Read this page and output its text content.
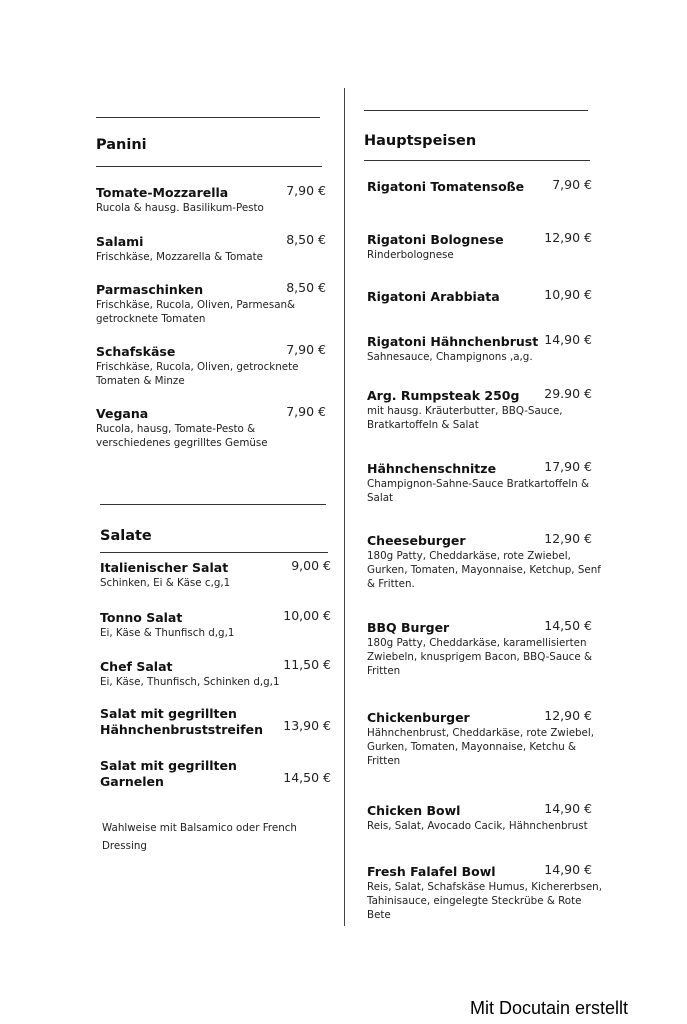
Panini
Tomate-Mozzarella
Rucola & hausg. Basilikum-Pesto
7,90 €
Salami
Frischkäse, Mozzarella & Tomate
8,50 €
Parmaschinken
Frischkäse, Rucola, Oliven, Parmesan& getrocknete Tomaten
8,50 €
Schafskäse
Frischkäse, Rucola, Oliven, getrocknete Tomaten & Minze
7,90 €
Vegana
Rucola, hausg, Tomate-Pesto & verschiedenes gegrilltes Gemüse
7,90 €
Salate
Italienischer Salat
Schinken, Ei & Käse c,g,1
9,00 €
Tonno Salat
Ei, Käse & Thunfisch d,g,1
10,00 €
Chef Salat
Ei, Käse, Thunfisch, Schinken d,g,1
11,50 €
Salat mit gegrillten Hähnchenbruststreifen	13,90 €
Salat mit gegrillten Garnelen	14,50 €
Wahlweise mit Balsamico oder French Dressing
Hauptspeisen
Rigatoni Tomatensoße	7,90 €
Rigatoni Bolognese
Rinderbolognese
12,90 €
Rigatoni Arabbiata	10,90 €
Rigatoni Hähnchenbrust
Sahnesauce, Champignons ,a,g.
14,90 €
Arg. Rumpsteak 250g
mit hausg. Kräuterbutter, BBQ-Sauce, Bratkartoffeln & Salat
29.90 €
Hähnchenschnitze
Champignon-Sahne-Sauce Bratkartoffeln & Salat
17,90 €
Cheeseburger
180g Patty, Cheddarkäse, rote Zwiebel, Gurken, Tomaten, Mayonnaise, Ketchup, Senf & Fritten.
12,90 €
BBQ Burger
180g Patty, Cheddarkäse, karamellisierten Zwiebeln, knusprigem Bacon, BBQ-Sauce & Fritten
14,50 €
Chickenburger
Hähnchenbrust, Cheddarkäse, rote Zwiebel, Gurken, Tomaten, Mayonnaise, Ketchu & Fritten
12,90 €
Chicken Bowl
Reis, Salat, Avocado Cacik, Hähnchenbrust
14,90 €
Fresh Falafel Bowl
Reis, Salat, Schafskäse Humus, Kichererbsen, Tahinisauce, eingelegte Steckrübe & Rote Bete
14,90 €
Mit Docutain erstellt
